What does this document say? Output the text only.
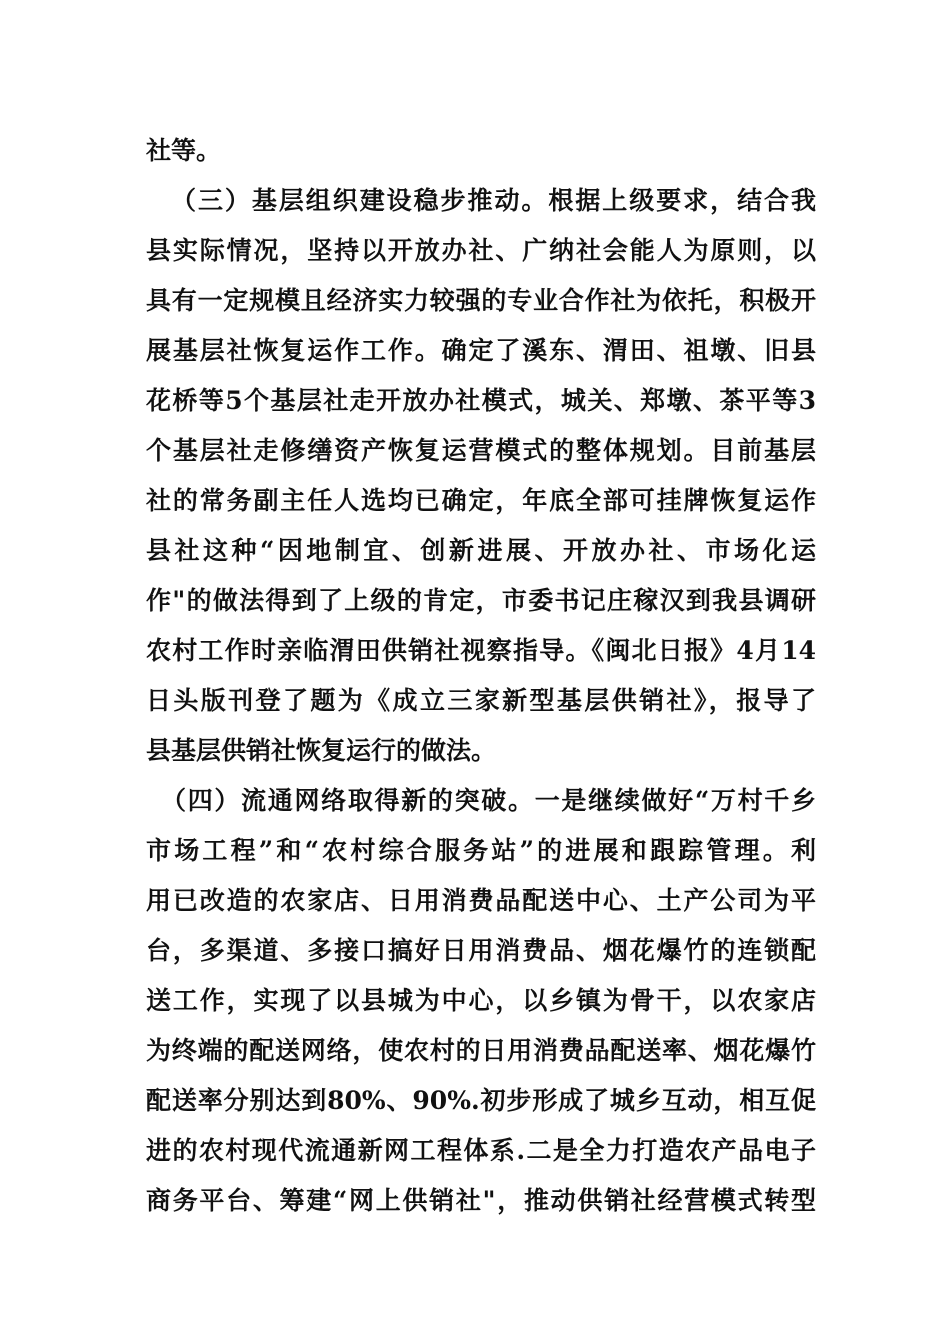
社等。
（三）基层组织建设稳步推动。根据上级要求，结合我
县实际情况，坚持以开放办社、广纳社会能人为原则，以
具有一定规模且经济实力较强的专业合作社为依托，积极开
展基层社恢复运作工作。确定了溪东、渭田、祖墩、旧县
花桥等5个基层社走开放办社模式，城关、郑墩、茶平等3
个基层社走修缮资产恢复运营模式的整体规划。目前基层
社的常务副主任人选均已确定，年底全部可挂牌恢复运作
县社这种“因地制宜、创新进展、开放办社、市场化运
作"的做法得到了上级的肯定，市委书记庄稼汉到我县调研
农村工作时亲临渭田供销社视察指导。《闽北日报》4月14
日头版刊登了题为《成立三家新型基层供销社》，报导了
县基层供销社恢复运行的做法。
（四）流通网络取得新的突破。一是继续做好“万村千乡
市场工程”和“农村综合服务站”的进展和跟踪管理。利
用已改造的农家店、日用消费品配送中心、土产公司为平
台，多渠道、多接口搞好日用消费品、烟花爆竹的连锁配
送工作，实现了以县城为中心，以乡镇为骨干，以农家店
为终端的配送网络，使农村的日用消费品配送率、烟花爆竹
配送率分别达到80%、90%.初步形成了城乡互动，相互促
进的农村现代流通新网工程体系.二是全力打造农产品电子
商务平台、筹建“网上供销社"，推动供销社经营模式转型
